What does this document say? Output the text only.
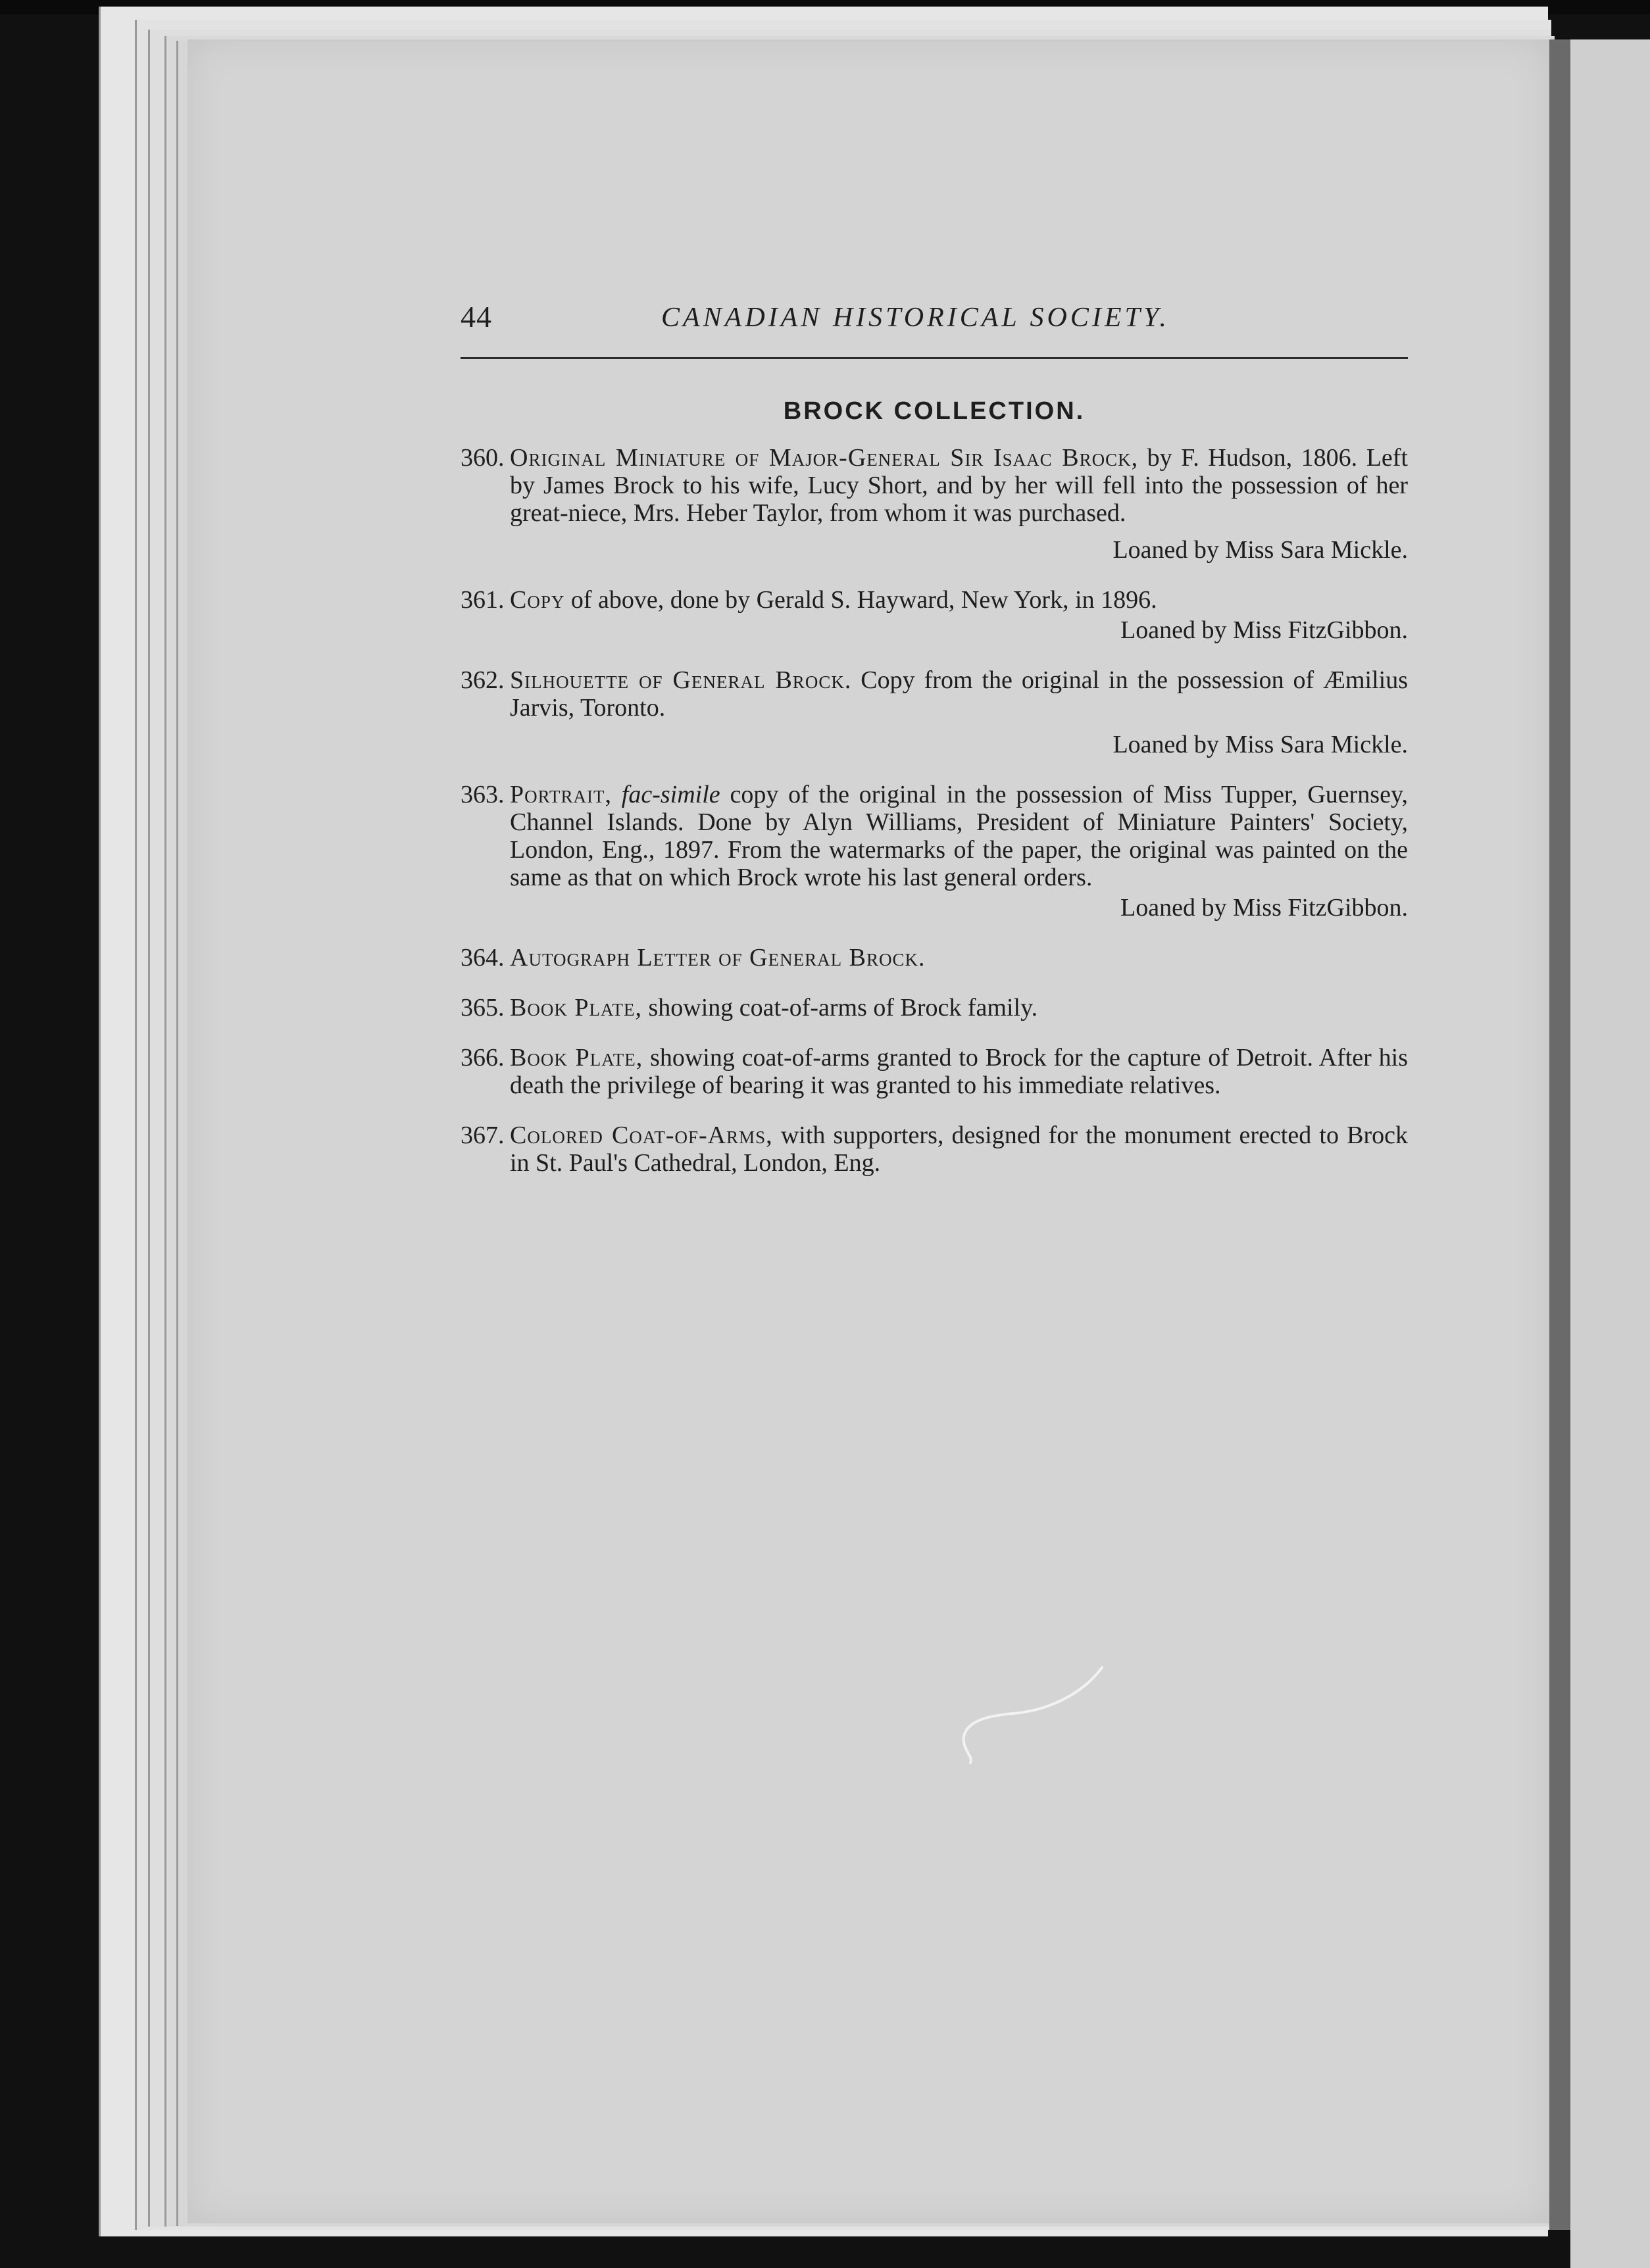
44	CANADIAN HISTORICAL SOCIETY.
BROCK COLLECTION.
360. Original Miniature of Major-General Sir Isaac Brock, by F. Hudson, 1806. Left by James Brock to his wife, Lucy Short, and by her will fell into the possession of her great-niece, Mrs. Heber Taylor, from whom it was purchased.
Loaned by Miss Sara Mickle.
361. Copy of above, done by Gerald S. Hayward, New York, in 1896.
Loaned by Miss FitzGibbon.
362. Silhouette of General Brock. Copy from the original in the possession of Æmilius Jarvis, Toronto.
Loaned by Miss Sara Mickle.
363. Portrait, fac-simile copy of the original in the possession of Miss Tupper, Guernsey, Channel Islands. Done by Alyn Williams, President of Miniature Painters' Society, London, Eng., 1897. From the watermarks of the paper, the original was painted on the same as that on which Brock wrote his last general orders.
Loaned by Miss FitzGibbon.
364. Autograph Letter of General Brock.
365. Book Plate, showing coat-of-arms of Brock family.
366. Book Plate, showing coat-of-arms granted to Brock for the capture of Detroit. After his death the privilege of bearing it was granted to his immediate relatives.
367. Colored Coat-of-Arms, with supporters, designed for the monument erected to Brock in St. Paul's Cathedral, London, Eng.
